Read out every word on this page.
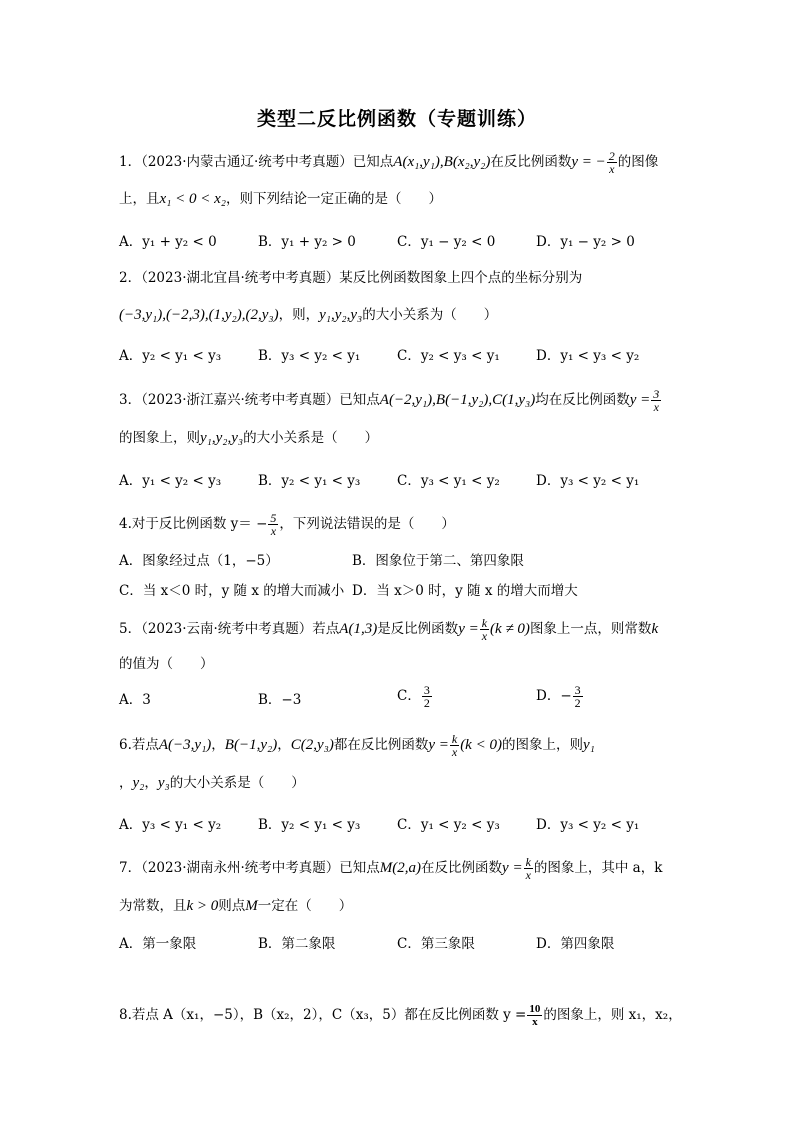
类型二反比例函数（专题训练）
1．（2023·内蒙古通辽·统考中考真题）已知点A(x₁,y₁),B(x₂,y₂)在反比例函数y = − $\frac{2}{x}$ 的图像
上，且x₁ < 0 < x₂，则下列结论一定正确的是（　　）
A．y₁ + y₂ < 0	B．y₁ + y₂ > 0	C．y₁ − y₂ < 0	D．y₁ − y₂ > 0
2．（2023·湖北宜昌·统考中考真题）某反比例函数图象上四个点的坐标分别为
(−3,y₁),(−2,3),(1,y₂),(2,y₃)，则，y₁,y₂,y₃的大小关系为（　　）
A．y₂ < y₁ < y₃	B．y₃ < y₂ < y₁	C．y₂ < y₃ < y₁	D．y₁ < y₃ < y₂
3．（2023·浙江嘉兴·统考中考真题）已知点A(−2,y₁),B(−1,y₂),C(1,y₃)均在反比例函数$y = \frac{3}{x}$
的图象上，则y₁,y₂,y₃的大小关系是（　　）
A．y₁ < y₂ < y₃	B．y₂ < y₁ < y₃	C．y₃ < y₁ < y₂	D．y₃ < y₂ < y₁
4.对于反比例函数 $y= - \frac{5}{x}$ ，下列说法错误的是（　　）
A．图象经过点（1，−5）	B．图象位于第二、第四象限
C．当 x＜0 时，y 随 x 的增大而减小 D．当 x＞0 时，y 随 x 的增大而增大
5．（2023·云南·统考中考真题）若点A(1,3)是反比例函数$y = \frac{k}{x} (k \ne 0)$图象上一点，则常数k
的值为（　　）
A．3	B．−3	C． $\frac{3}{2}$	D．− $\frac{3}{2}$
6.若点A(−3,y₁)，B(−1,y₂)，C(2,y₃)都在反比例函数$y = \frac{k}{x} (k < 0)$的图象上，则y₁
，y₂，y₃的大小关系是（　　）
A．y₃ < y₁ < y₂	B．y₂ < y₁ < y₃	C．y₁ < y₂ < y₃	D．y₃ < y₂ < y₁
7．（2023·湖南永州·统考中考真题）已知点M(2,a)在反比例函数$y = \frac{k}{x}$ 的图象上，其中 a，k
为常数，且k > 0则点M一定在（　　）
A．第一象限	B．第二象限	C．第三象限	D．第四象限
8.若点 A（x₁，−5），B（x₂，2），C（x₃，5）都在反比例函数 $y = \frac{10}{x}$ 的图象上，则 x₁，x₂，
